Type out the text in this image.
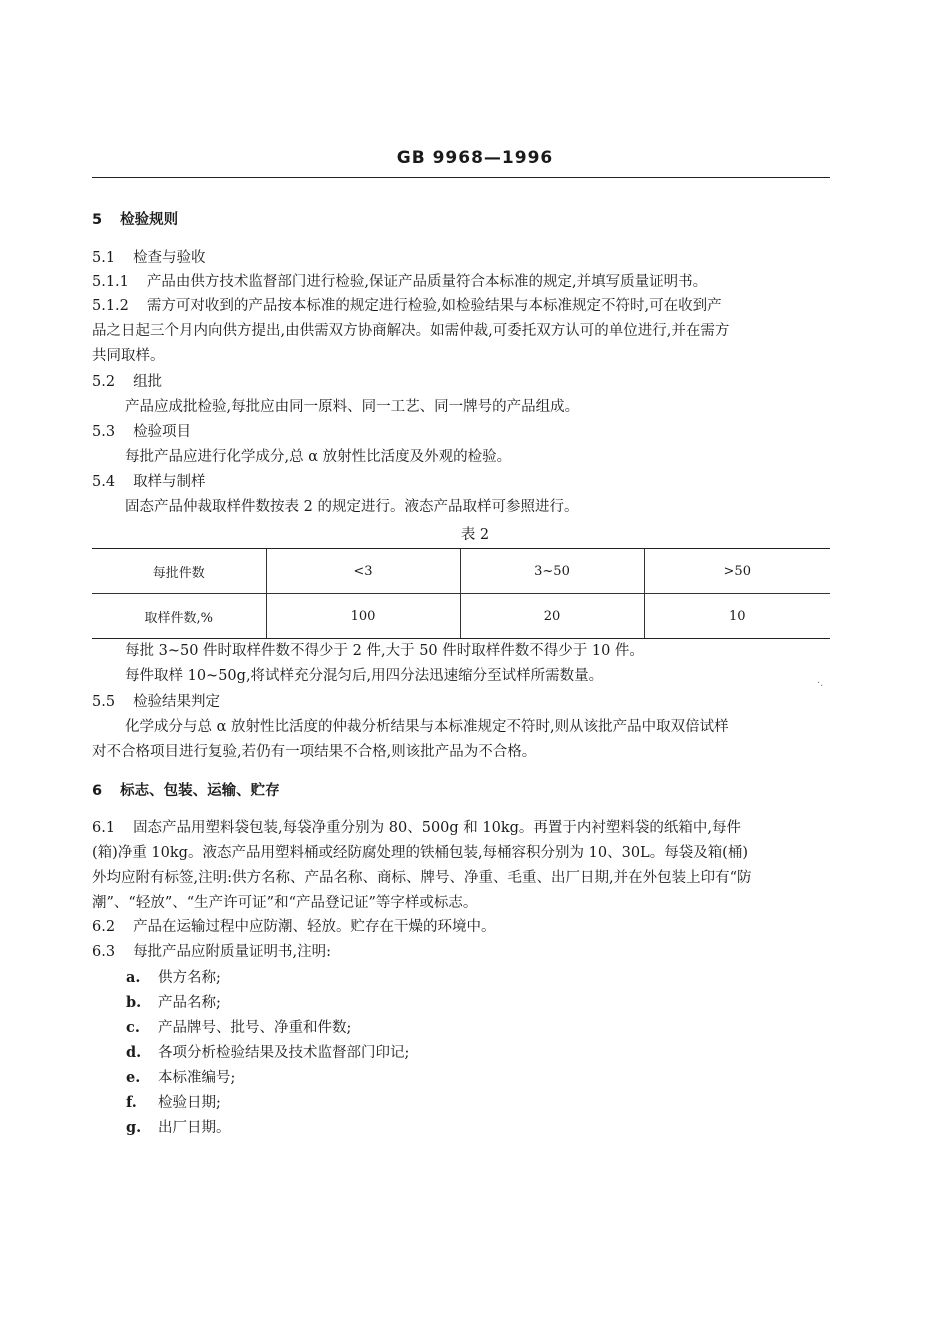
GB 9968—1996
5 检验规则
5.1 检查与验收
5.1.1 产品由供方技术监督部门进行检验,保证产品质量符合本标准的规定,并填写质量证明书。
5.1.2 需方可对收到的产品按本标准的规定进行检验,如检验结果与本标准规定不符时,可在收到产
品之日起三个月内向供方提出,由供需双方协商解决。如需仲裁,可委托双方认可的单位进行,并在需方
共同取样。
5.2 组批
产品应成批检验,每批应由同一原料、同一工艺、同一牌号的产品组成。
5.3 检验项目
每批产品应进行化学成分,总 α 放射性比活度及外观的检验。
5.4 取样与制样
固态产品仲裁取样件数按表 2 的规定进行。液态产品取样可参照进行。
表 2
每批件数	<3	3~50	>50
取样件数,%	100	20	10
每批 3~50 件时取样件数不得少于 2 件,大于 50 件时取样件数不得少于 10 件。
每件取样 10~50g,将试样充分混匀后,用四分法迅速缩分至试样所需数量。	·.
5.5 检验结果判定
化学成分与总 α 放射性比活度的仲裁分析结果与本标准规定不符时,则从该批产品中取双倍试样
对不合格项目进行复验,若仍有一项结果不合格,则该批产品为不合格。
6 标志、包装、运输、贮存
6.1 固态产品用塑料袋包装,每袋净重分别为 80、500g 和 10kg。再置于内衬塑料袋的纸箱中,每件
(箱)净重 10kg。液态产品用塑料桶或经防腐处理的铁桶包装,每桶容积分别为 10、30L。每袋及箱(桶)
外均应附有标签,注明:供方名称、产品名称、商标、牌号、净重、毛重、出厂日期,并在外包装上印有“防
潮”、“轻放”、“生产许可证”和“产品登记证”等字样或标志。
6.2 产品在运输过程中应防潮、轻放。贮存在干燥的环境中。
6.3 每批产品应附质量证明书,注明:
a. 供方名称;
b. 产品名称;
c. 产品牌号、批号、净重和件数;
d. 各项分析检验结果及技术监督部门印记;
e. 本标准编号;
f. 检验日期;
g. 出厂日期。
